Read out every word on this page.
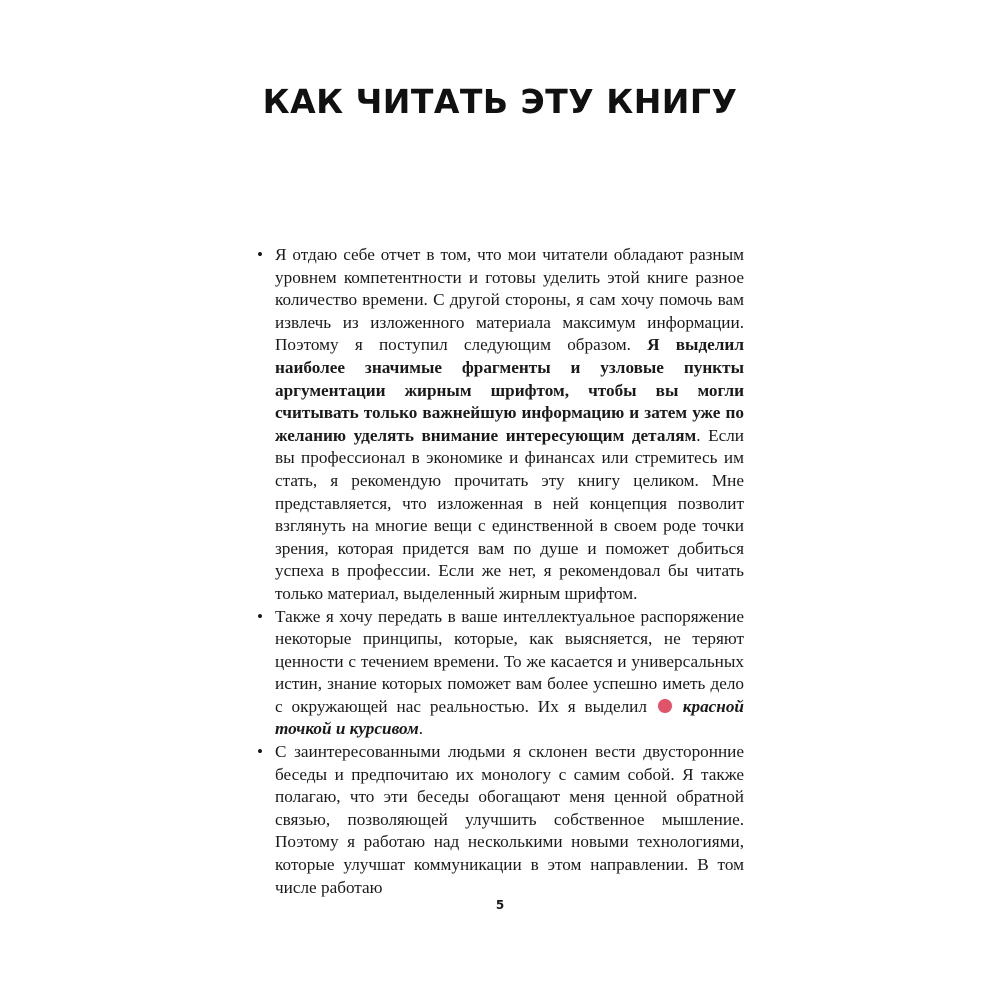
КАК ЧИТАТЬ ЭТУ КНИГУ
• Я отдаю себе отчет в том, что мои читатели обладают разным уровнем компетентности и готовы уделить этой книге разное количество времени. С другой стороны, я сам хочу помочь вам извлечь из изложенного материала максимум информации. Поэтому я поступил следующим образом. Я выделил наиболее значимые фрагменты и узловые пункты аргументации жирным шрифтом, чтобы вы могли считывать только важнейшую информацию и затем уже по желанию уделять внимание интересующим деталям. Если вы профессионал в экономике и финансах или стремитесь им стать, я рекомендую прочитать эту книгу целиком. Мне представляется, что изложенная в ней концепция позволит взглянуть на многие вещи с единственной в своем роде точки зрения, которая придется вам по душе и поможет добиться успеха в профессии. Если же нет, я рекомендовал бы читать только материал, выделенный жирным шрифтом.
• Также я хочу передать в ваше интеллектуальное распоряжение некоторые принципы, которые, как выясняется, не теряют ценности с течением времени. То же касается и универсальных истин, знание которых поможет вам более успешно иметь дело с окружающей нас реальностью. Их я выделил  красной точкой и курсивом.
• С заинтересованными людьми я склонен вести двусторонние беседы и предпочитаю их монологу с самим собой. Я также полагаю, что эти беседы обогащают меня ценной обратной связью, позволяющей улучшить собственное мышление. Поэтому я работаю над несколькими новыми технологиями, которые улучшат коммуникации в этом направлении. В том числе работаю
5
